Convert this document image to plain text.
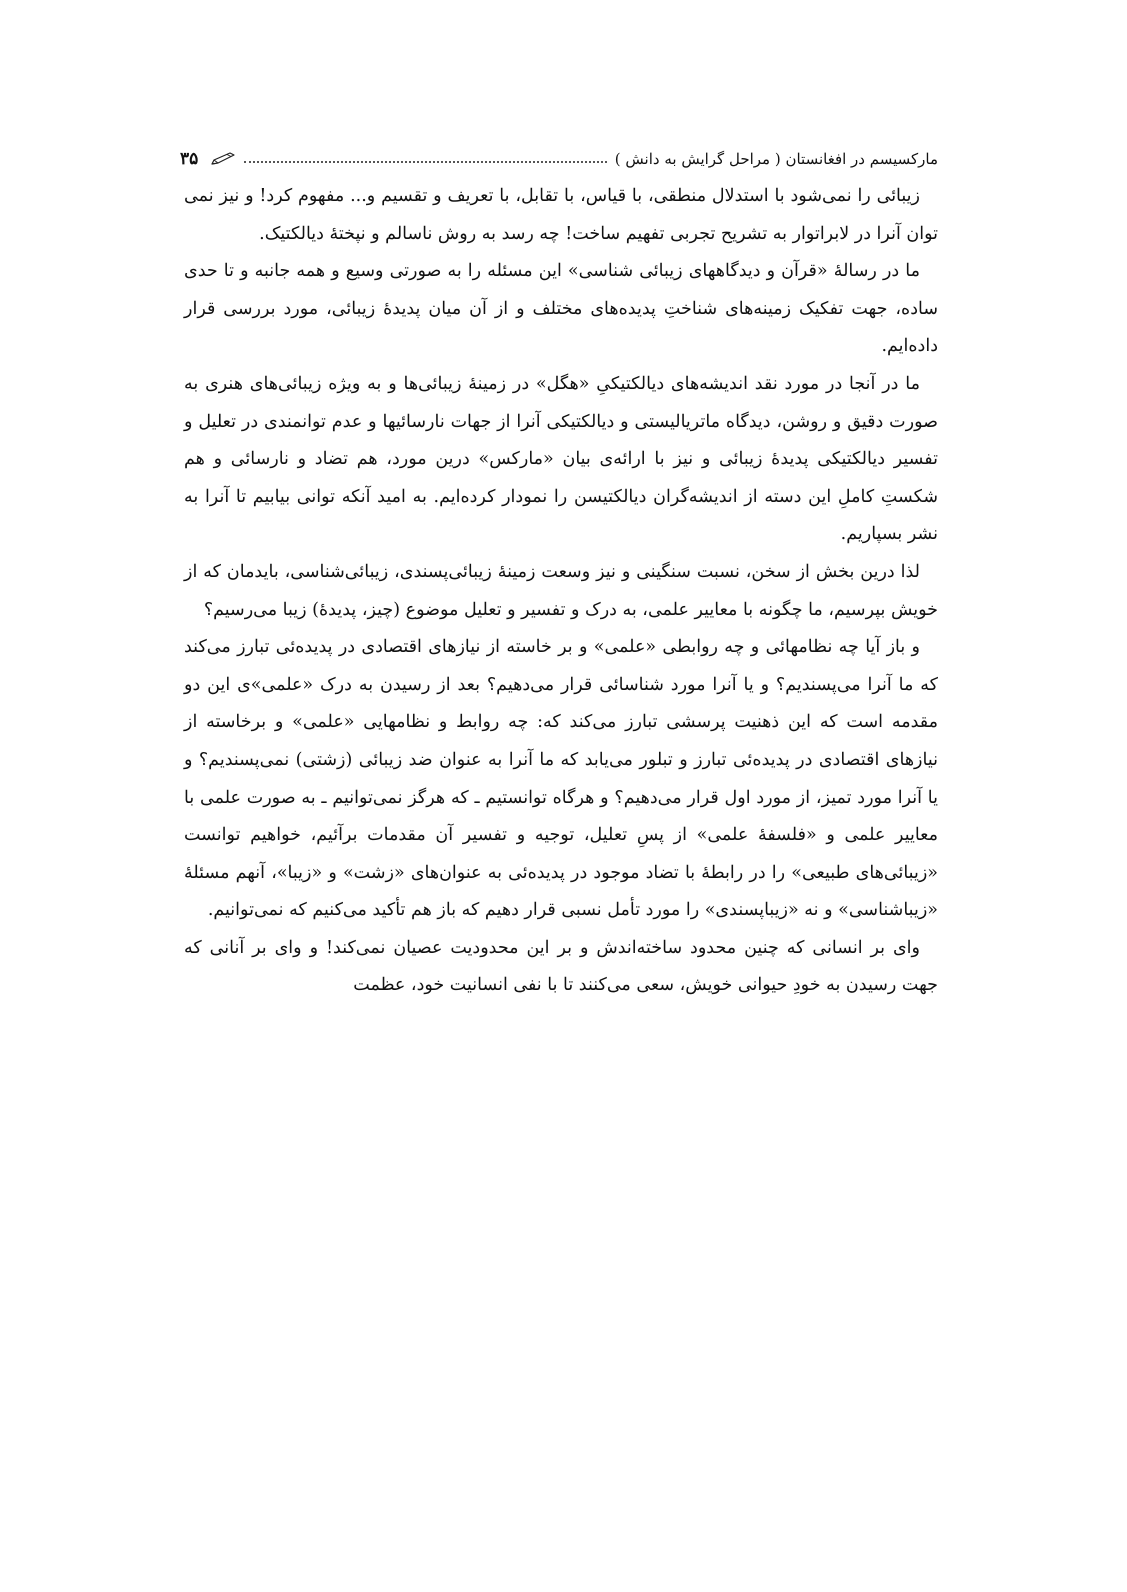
مارکسیسم در افغانستان ( مراحل گرایش به دانش )
۳۵

زیبائی را نمی‌شود با استدلال منطقی، با قیاس، با تقابل، با تعریف و تقسیم و... مفهوم کرد! و نیز نمی توان آنرا در لابراتوار به تشریح تجربی تفهیم ساخت! چه رسد به روش ناسالم و نپختهٔ دیالکتیک.

ما در رسالهٔ «قرآن و دیدگاههای زیبائی شناسی» این مسئله را به صورتی وسیع و همه جانبه و تا حدی ساده، جهت تفکیک زمینه‌های شناختِ پدیده‌های مختلف و از آن میان پدیدهٔ زیبائی، مورد بررسی قرار داده‌ایم.

ما در آنجا در مورد نقد اندیشه‌های دیالکتیکیِ «هگل» در زمینهٔ زیبائی‌ها و به ویژه زیبائی‌های هنری به صورت دقیق و روشن، دیدگاه ماتریالیستی و دیالکتیکی آنرا از جهات نارسائیها و عدم توانمندی در تعلیل و تفسیر دیالکتیکی پدیدهٔ زیبائی و نیز با ارائه‌ی بیان «مارکس» درین مورد، هم تضاد و نارسائی و هم شکستِ کاملِ این دسته از اندیشه‌گران دیالکتیسن را نمودار کرده‌ایم. به امید آنکه توانی بیابیم تا آنرا به نشر بسپاریم.

لذا درین بخش از سخن، نسبت سنگینی و نیز وسعت زمینهٔ زیبائی‌پسندی، زیبائی‌شناسی، بایدمان که از خویش بپرسیم، ما چگونه با معایير علمی، به درک و تفسیر و تعلیل موضوع (چیز، پدیدهٔ) زیبا می‌رسیم؟

و باز آیا چه نظامهائی و چه روابطی «علمی» و بر خاسته از نیازهای اقتصادی در پدیده‌ئی تبارز می‌کند که ما آنرا می‌پسندیم؟ و یا آنرا مورد شناسائی قرار می‌دهیم؟ بعد از رسیدن به درک «علمی»ی این دو مقدمه است که این ذهنیت پرسشی تبارز می‌کند که: چه روابط و نظامهایی «علمی» و برخاسته از نیازهای اقتصادی در پدیده‌ئی تبارز و تبلور می‌یابد که ما آنرا به عنوان ضد زیبائی (زشتی) نمی‌پسندیم؟ و یا آنرا مورد تمیز، از مورد اول قرار می‌دهیم؟ و هرگاه توانستیم ـ که هرگز نمی‌توانیم ـ به صورت علمی با معایير علمی و «فلسفهٔ علمی» از پسِ تعلیل، توجیه و تفسیر آن مقدمات برآئیم، خواهیم توانست «زیبائی‌های طبیعی» را در رابطهٔ با تضاد موجود در پدیده‌ئی به عنوان‌های «زشت» و «زیبا»، آنهم مسئلهٔ «زیباشناسی» و نه «زیباپسندی» را مورد تأمل نسبی قرار دهیم که باز هم تأکید می‌کنیم که نمی‌توانیم.

وای بر انسانی که چنین محدود ساخته‌اندش و بر این محدودیت عصیان نمی‌کند! و وای بر آنانی که جهت رسیدن به خودِ حیوانی خویش، سعی می‌کنند تا با نفی انسانیت خود، عظمت
